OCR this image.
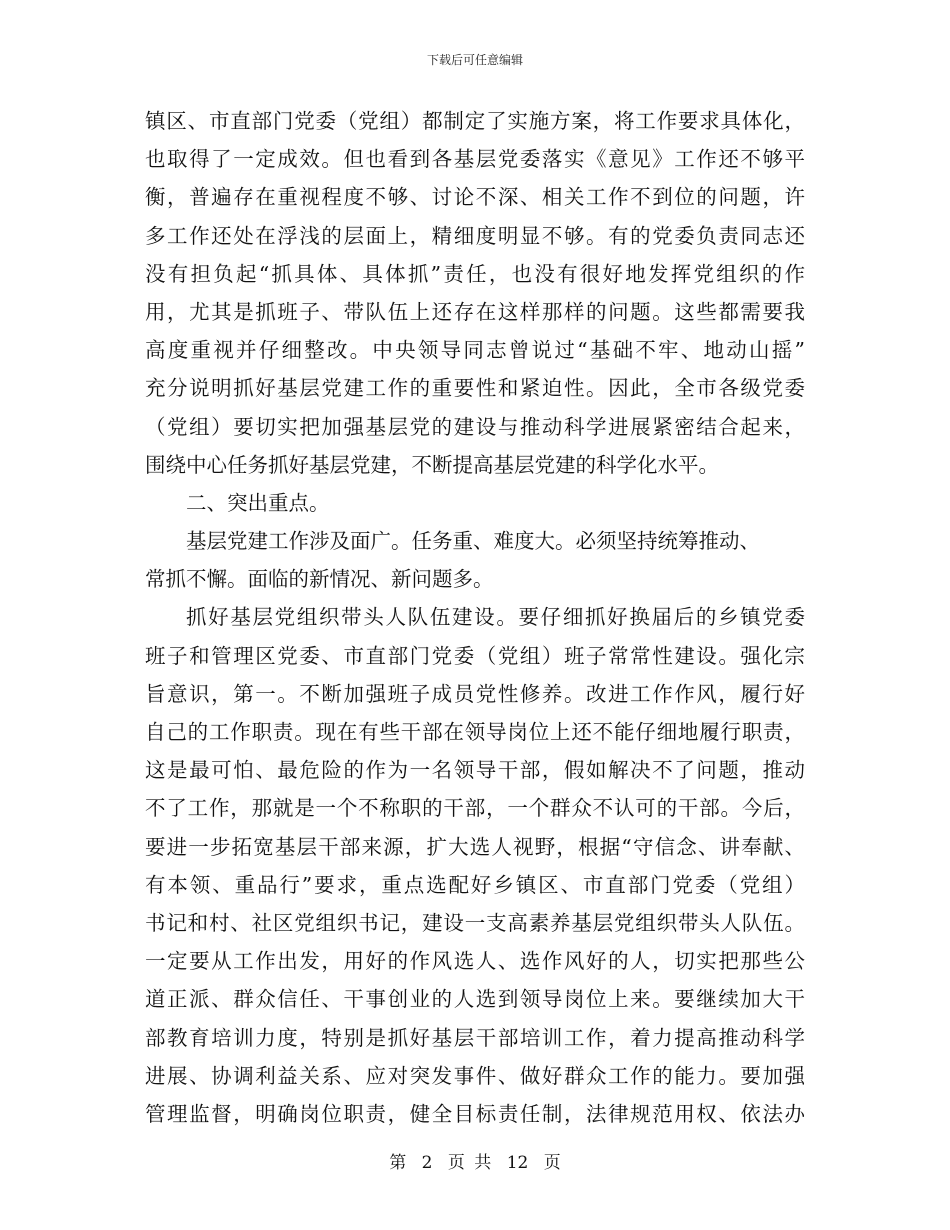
下载后可任意编辑
镇区、市直部门党委（党组）都制定了实施方案，将工作要求具体化，
也取得了一定成效。但也看到各基层党委落实《意见》工作还不够平
衡，普遍存在重视程度不够、讨论不深、相关工作不到位的问题，许
多工作还处在浮浅的层面上，精细度明显不够。有的党委负责同志还
没有担负起“抓具体、具体抓”责任，也没有很好地发挥党组织的作
用，尤其是抓班子、带队伍上还存在这样那样的问题。这些都需要我
高度重视并仔细整改。中央领导同志曾说过“基础不牢、地动山摇”
充分说明抓好基层党建工作的重要性和紧迫性。因此，全市各级党委
（党组）要切实把加强基层党的建设与推动科学进展紧密结合起来，
围绕中心任务抓好基层党建，不断提高基层党建的科学化水平。
二、突出重点。
基层党建工作涉及面广。任务重、难度大。必须坚持统筹推动、
常抓不懈。面临的新情况、新问题多。
抓好基层党组织带头人队伍建设。要仔细抓好换届后的乡镇党委
班子和管理区党委、市直部门党委（党组）班子常常性建设。强化宗
旨意识，第一。不断加强班子成员党性修养。改进工作作风，履行好
自己的工作职责。现在有些干部在领导岗位上还不能仔细地履行职责，
这是最可怕、最危险的作为一名领导干部，假如解决不了问题，推动
不了工作，那就是一个不称职的干部，一个群众不认可的干部。今后，
要进一步拓宽基层干部来源，扩大选人视野，根据“守信念、讲奉献、
有本领、重品行”要求，重点选配好乡镇区、市直部门党委（党组）
书记和村、社区党组织书记，建设一支高素养基层党组织带头人队伍。
一定要从工作出发，用好的作风选人、选作风好的人，切实把那些公
道正派、群众信任、干事创业的人选到领导岗位上来。要继续加大干
部教育培训力度，特别是抓好基层干部培训工作，着力提高推动科学
进展、协调利益关系、应对突发事件、做好群众工作的能力。要加强
管理监督，明确岗位职责，健全目标责任制，法律规范用权、依法办
第 2 页 共 12 页
